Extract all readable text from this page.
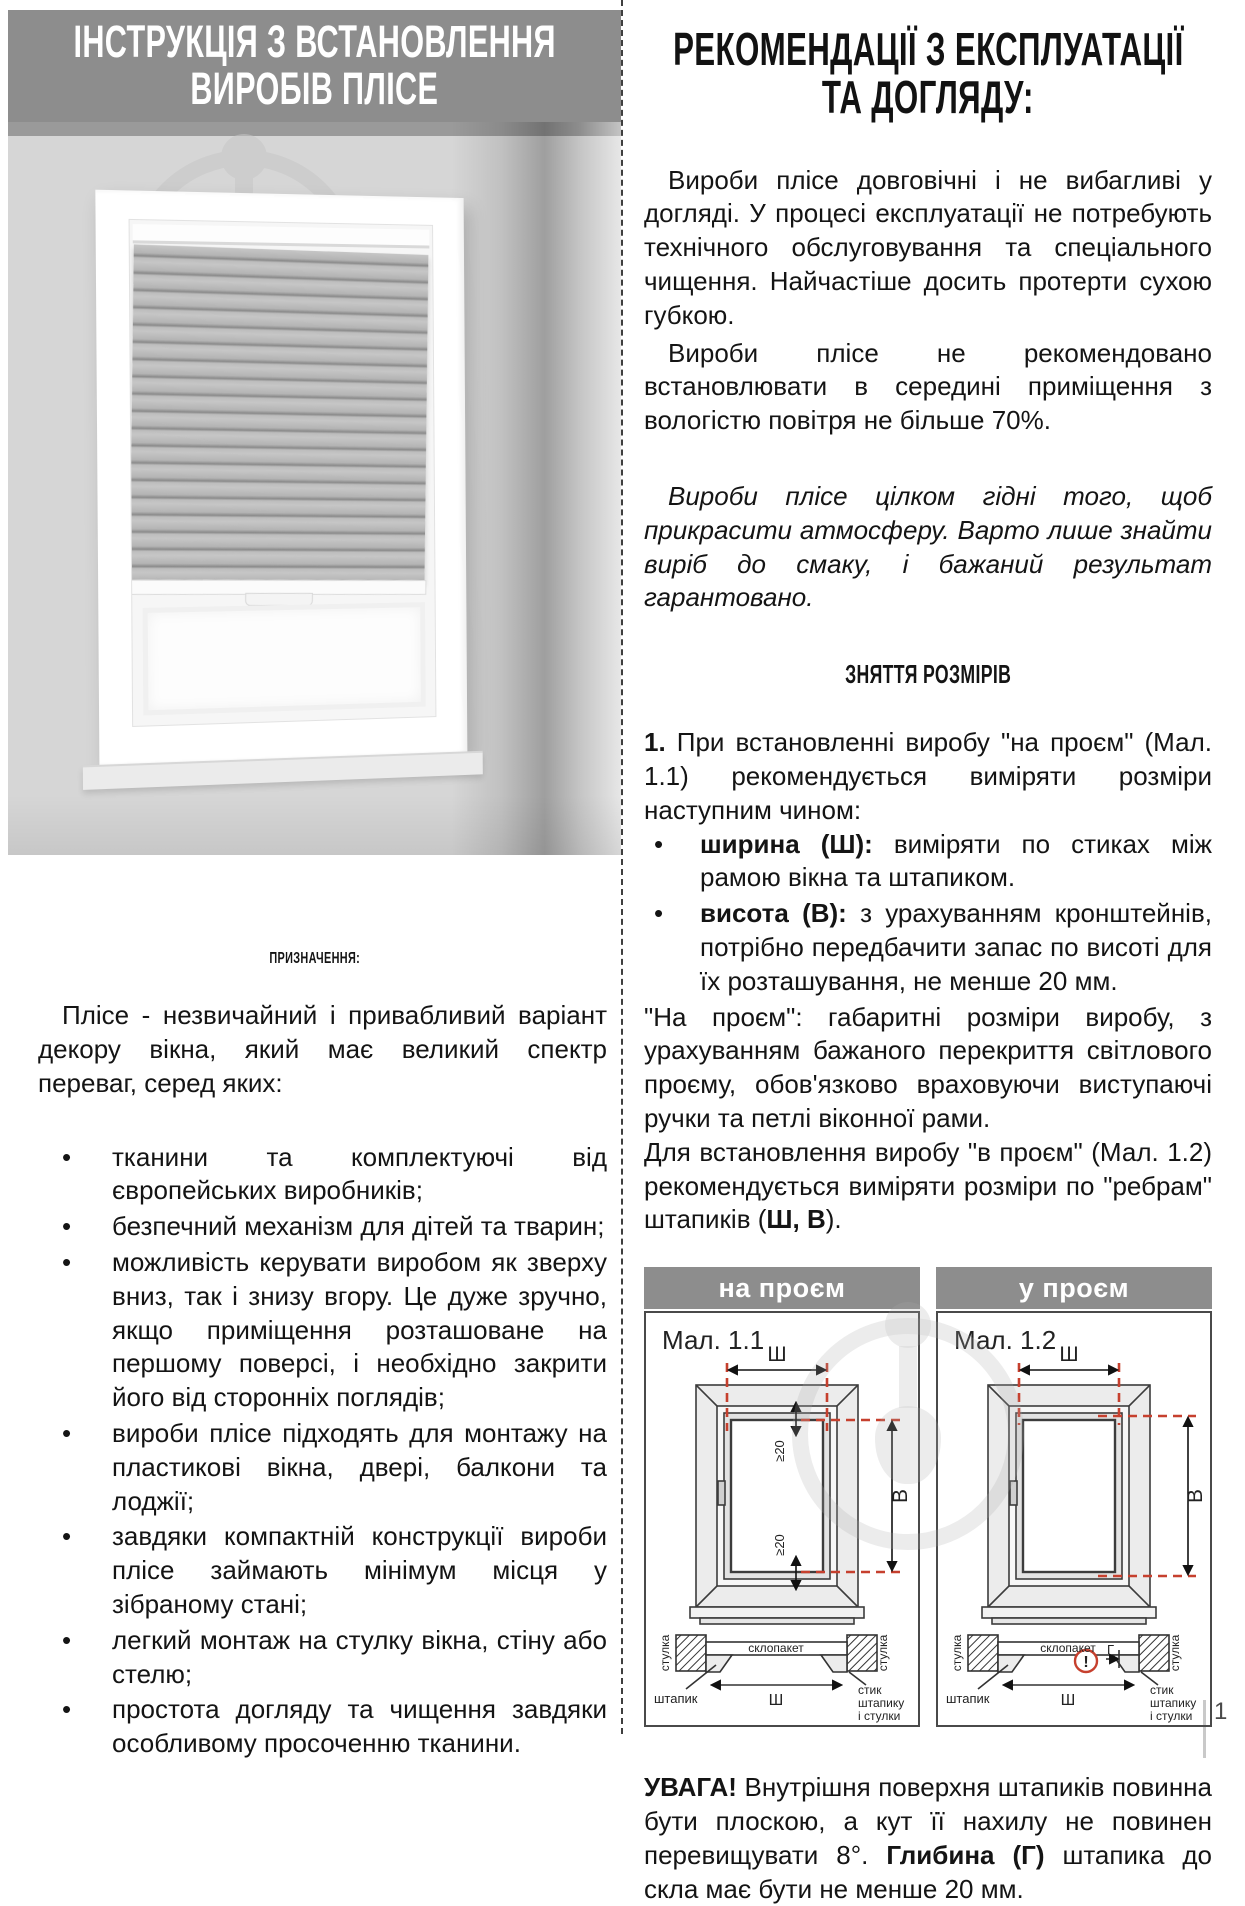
ІНСТРУКЦІЯ З ВСТАНОВЛЕННЯ
ВИРОБІВ ПЛІСЕ
ПРИЗНАЧЕННЯ:

Плісе - незвичайний і привабливий варіант декору вікна, який має великий спектр переваг, серед яких:

• тканини та комплектуючі від європейських виробників;
• безпечний механізм для дітей та тварин;
• можливість керувати виробом як зверху вниз, так і знизу вгору. Це дуже зручно, якщо приміщення розташоване на першому поверсі, і необхідно закрити його від сторонніх поглядів;
• вироби плісе підходять для монтажу на пластикові вікна, двері, балкони та лоджії;
• завдяки компактній конструкції вироби плісе займають мінімум місця у зібраному стані;
• легкий монтаж на стулку вікна, стіну або стелю;
• простота догляду та чищення завдяки особливому просоченню тканини.
РЕКОМЕНДАЦІЇ З ЕКСПЛУАТАЦІЇ
ТА ДОГЛЯДУ:

Вироби плісе довговічні і не вибагливі у догляді. У процесі експлуатації не потребують технічного обслуговування та спеціального чищення. Найчастіше досить протерти сухою губкою.

Вироби плісе не рекомендовано встановлювати в середині приміщення з вологістю повітря не більше 70%.

Вироби плісе цілком гідні того, щоб прикрасити атмосферу. Варто лише знайти виріб до смаку, і бажаний результат гарантовано.

ЗНЯТТЯ РОЗМІРІВ

1. При встановленні виробу "на проєм" (Мал. 1.1) рекомендується виміряти розміри наступним чином:

• ширина (Ш): виміряти по стиках між рамою вікна та штапиком.
• висота (В): з урахуванням кронштейнів, потрібно передбачити запас по висоті для їх розташування, не менше 20 мм.

"На проєм": габаритні розміри виробу, з урахуванням бажаного перекриття світлового проєму, обов'язково враховуючи виступаючі ручки та петлі віконної рами.

Для встановлення виробу "в проєм" (Мал. 1.2) рекомендується виміряти розміри по "ребрам" штапиків (Ш, В).

на проєм
Мал. 1.1 Ш
В
≥20
≥20
склопакет
стулка	стулка
штапик	Ш
стик
штапику
і стулки
у проєм
Мал. 1.2 Ш
В
!
Г
склопакет
стулка	стулка
штапик	Ш
стик
штапику
і стулки

УВАГА! Внутрішня поверхня штапиків повинна бути плоскою, а кут її нахилу не повинен перевищувати 8°. Глибина (Г) штапика до скла має бути не менше 20 мм.

1
